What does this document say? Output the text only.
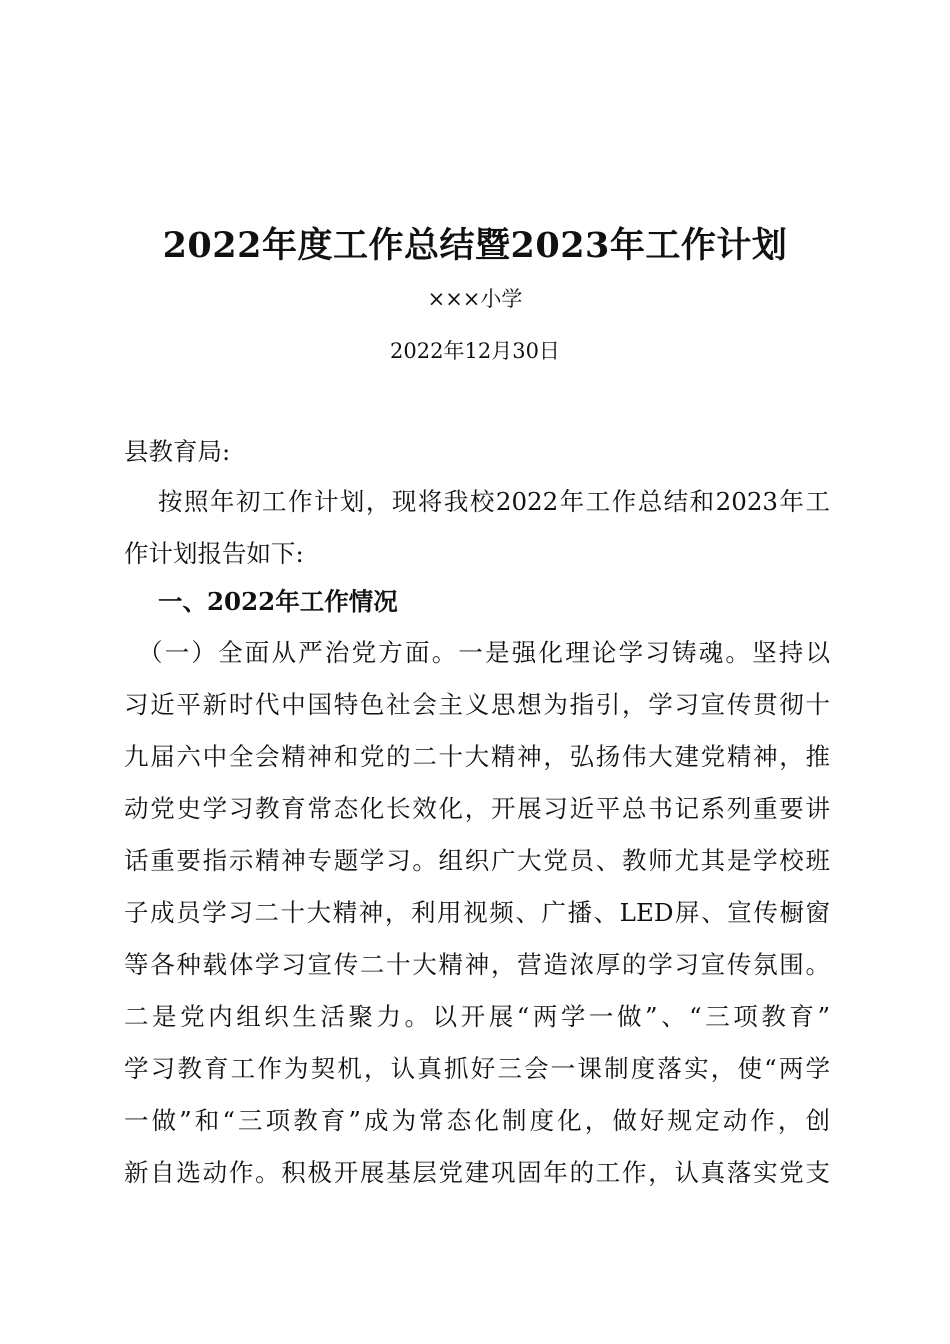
2022年度工作总结暨2023年工作计划
×××小学
2022年12月30日
县教育局:
按照年初工作计划，现将我校2022年工作总结和2023年工
作计划报告如下:
一、2022年工作情况
（一）全面从严治党方面。一是强化理论学习铸魂。坚持以
习近平新时代中国特色社会主义思想为指引，学习宣传贯彻十
九届六中全会精神和党的二十大精神，弘扬伟大建党精神，推
动党史学习教育常态化长效化，开展习近平总书记系列重要讲
话重要指示精神专题学习。组织广大党员、教师尤其是学校班
子成员学习二十大精神，利用视频、广播、LED屏、宣传橱窗
等各种载体学习宣传二十大精神，营造浓厚的学习宣传氛围。
二是党内组织生活聚力。以开展“两学一做”、“三项教育”
学习教育工作为契机，认真抓好三会一课制度落实，使“两学
一做”和“三项教育”成为常态化制度化，做好规定动作，创
新自选动作。积极开展基层党建巩固年的工作，认真落实党支
